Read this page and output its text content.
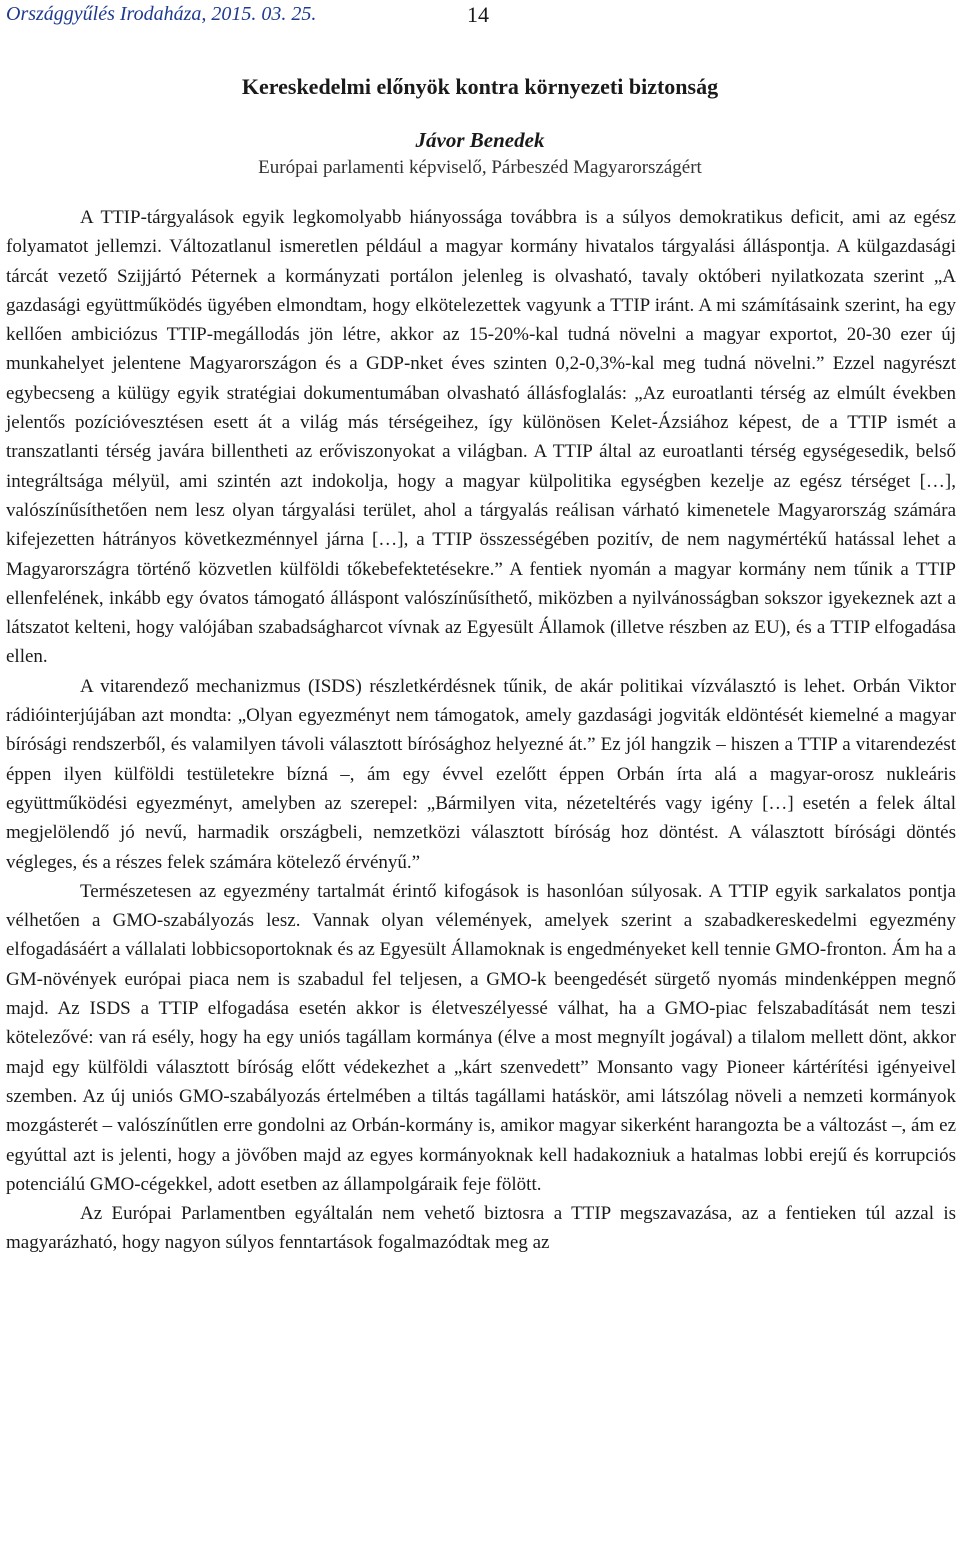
Országgyűlés Irodaháza, 2015. 03. 25.	14
Kereskedelmi előnyök kontra környezeti biztonság
Jávor Benedek
Európai parlamenti képviselő, Párbeszéd Magyarországért

A TTIP-tárgyalások egyik legkomolyabb hiányossága továbbra is a súlyos demokratikus deficit, ami az egész folyamatot jellemzi. Változatlanul ismeretlen például a magyar kormány hivatalos tárgyalási álláspontja. A külgazdasági tárcát vezető Szijjártó Péternek a kormányzati portálon jelenleg is olvasható, tavaly októberi nyilatkozata szerint „A gazdasági együttműködés ügyében elmondtam, hogy elkötelezettek vagyunk a TTIP iránt. A mi számításaink szerint, ha egy kellően ambiciózus TTIP-megállodás jön létre, akkor az 15-20%-kal tudná növelni a magyar exportot, 20-30 ezer új munkahelyet jelentene Magyarországon és a GDP-nket éves szinten 0,2-0,3%-kal meg tudná növelni.” Ezzel nagyrészt egybecseng a külügy egyik stratégiai dokumentumában olvasható állásfoglalás: „Az euroatlanti térség az elmúlt években jelentős pozícióvesztésen esett át a világ más térségeihez, így különösen Kelet-Ázsiához képest, de a TTIP ismét a transzatlanti térség javára billentheti az erőviszonyokat a világban. A TTIP által az euroatlanti térség egységesedik, belső integráltsága mélyül, ami szintén azt indokolja, hogy a magyar külpolitika egységben kezelje az egész térséget […], valószínűsíthetően nem lesz olyan tárgyalási terület, ahol a tárgyalás reálisan várható kimenetele Magyarország számára kifejezetten hátrányos következménnyel járna […], a TTIP összességében pozitív, de nem nagymértékű hatással lehet a Magyarországra történő közvetlen külföldi tőkebefektetésekre.” A fentiek nyomán a magyar kormány nem tűnik a TTIP ellenfelének, inkább egy óvatos támogató álláspont valószínűsíthető, miközben a nyilvánosságban sokszor igyekeznek azt a látszatot kelteni, hogy valójában szabadságharcot vívnak az Egyesült Államok (illetve részben az EU), és a TTIP elfogadása ellen.

A vitarendező mechanizmus (ISDS) részletkérdésnek tűnik, de akár politikai vízválasztó is lehet. Orbán Viktor rádióinterjújában azt mondta: „Olyan egyezményt nem támogatok, amely gazdasági jogviták eldöntését kiemelné a magyar bírósági rendszerből, és valamilyen távoli választott bírósághoz helyezné át.” Ez jól hangzik – hiszen a TTIP a vitarendezést éppen ilyen külföldi testületekre bízná –, ám egy évvel ezelőtt éppen Orbán írta alá a magyar-orosz nukleáris együttműködési egyezményt, amelyben az szerepel: „Bármilyen vita, nézeteltérés vagy igény […] esetén a felek által megjelölendő jó nevű, harmadik országbeli, nemzetközi választott bíróság hoz döntést. A választott bírósági döntés végleges, és a részes felek számára kötelező érvényű.”

Természetesen az egyezmény tartalmát érintő kifogások is hasonlóan súlyosak. A TTIP egyik sarkalatos pontja vélhetően a GMO-szabályozás lesz. Vannak olyan vélemények, amelyek szerint a szabadkereskedelmi egyezmény elfogadásáért a vállalati lobbicsoportoknak és az Egyesült Államoknak is engedményeket kell tennie GMO-fronton. Ám ha a GM-növények európai piaca nem is szabadul fel teljesen, a GMO-k beengedését sürgető nyomás mindenképpen megnő majd. Az ISDS a TTIP elfogadása esetén akkor is életveszélyessé válhat, ha a GMO-piac felszabadítását nem teszi kötelezővé: van rá esély, hogy ha egy uniós tagállam kormánya (élve a most megnyílt jogával) a tilalom mellett dönt, akkor majd egy külföldi választott bíróság előtt védekezhet a „kárt szenvedett” Monsanto vagy Pioneer kártérítési igényeivel szemben. Az új uniós GMO-szabályozás értelmében a tiltás tagállami hatáskör, ami látszólag növeli a nemzeti kormányok mozgásterét – valószínűtlen erre gondolni az Orbán-kormány is, amikor magyar sikerként harangozta be a változást –, ám ez egyúttal azt is jelenti, hogy a jövőben majd az egyes kormányoknak kell hadakozniuk a hatalmas lobbi erejű és korrupciós potenciálú GMO-cégekkel, adott esetben az állampolgáraik feje fölött.

Az Európai Parlamentben egyáltalán nem vehető biztosra a TTIP megszavazása, az a fentieken túl azzal is magyarázható, hogy nagyon súlyos fenntartások fogalmazódtak meg az
